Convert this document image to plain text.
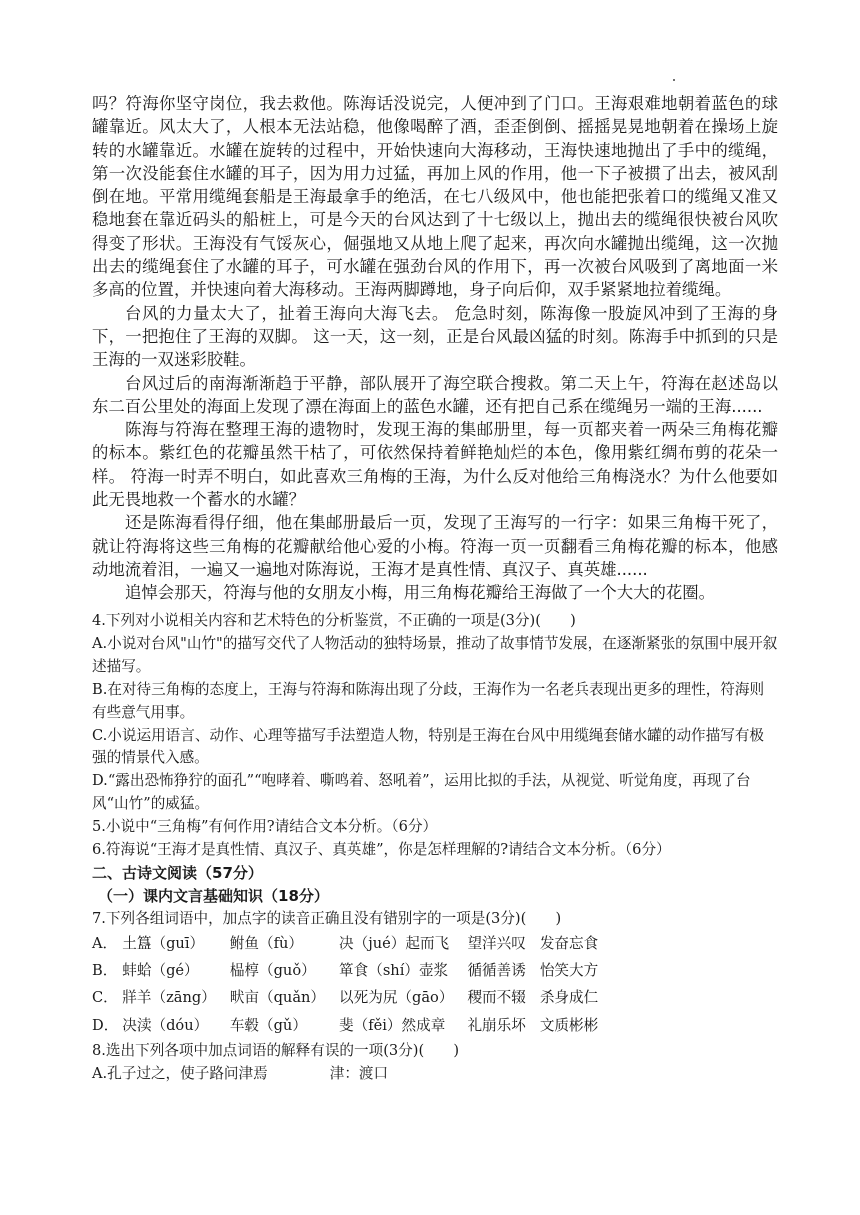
吗？符海你坚守岗位，我去救他。陈海话没说完，人便冲到了门口。王海艰难地朝着蓝色的球罐靠近。风太大了，人根本无法站稳，他像喝醉了酒，歪歪倒倒、摇摇晃晃地朝着在操场上旋转的水罐靠近。水罐在旋转的过程中，开始快速向大海移动，王海快速地抛出了手中的缆绳，第一次没能套住水罐的耳子，因为用力过猛，再加上风的作用，他一下子被掼了出去，被风刮倒在地。平常用缆绳套船是王海最拿手的绝活，在七八级风中，他也能把张着口的缆绳又准又稳地套在靠近码头的船桩上，可是今天的台风达到了十七级以上，抛出去的缆绳很快被台风吹得变了形状。王海没有气馁灰心，倔强地又从地上爬了起来，再次向水罐抛出缆绳，这一次抛出去的缆绳套住了水罐的耳子，可水罐在强劲台风的作用下，再一次被台风吸到了离地面一米多高的位置，并快速向着大海移动。王海两脚蹲地，身子向后仰，双手紧紧地拉着缆绳。

台风的力量太大了，扯着王海向大海飞去。 危急时刻，陈海像一股旋风冲到了王海的身下，一把抱住了王海的双脚。 这一天，这一刻，正是台风最凶猛的时刻。陈海手中抓到的只是王海的一双迷彩胶鞋。

台风过后的南海渐渐趋于平静，部队展开了海空联合搜救。第二天上午，符海在赵述岛以东二百公里处的海面上发现了漂在海面上的蓝色水罐，还有把自己系在缆绳另一端的王海......

陈海与符海在整理王海的遗物时，发现王海的集邮册里，每一页都夹着一两朵三角梅花瓣的标本。紫红色的花瓣虽然干枯了，可依然保持着鲜艳灿烂的本色，像用紫红绸布剪的花朵一样。 符海一时弄不明白，如此喜欢三角梅的王海，为什么反对他给三角梅浇水？为什么他要如此无畏地救一个蓄水的水罐？

还是陈海看得仔细，他在集邮册最后一页，发现了王海写的一行字：如果三角梅干死了，就让符海将这些三角梅的花瓣献给他心爱的小梅。符海一页一页翻看三角梅花瓣的标本，他感动地流着泪，一遍又一遍地对陈海说，王海才是真性情、真汉子、真英雄......

追悼会那天，符海与他的女朋友小梅，用三角梅花瓣给王海做了一个大大的花圈。

4.下列对小说相关内容和艺术特色的分析鉴赏，不正确的一项是(3分)(　　)

A.小说对台风"山竹"的描写交代了人物活动的独特场景，推动了故事情节发展，在逐渐紧张的氛围中展开叙述描写。

B.在对待三角梅的态度上，王海与符海和陈海出现了分歧，王海作为一名老兵表现出更多的理性，符海则有些意气用事。

C.小说运用语言、动作、心理等描写手法塑造人物，特别是王海在台风中用缆绳套储水罐的动作描写有极强的情景代入感。

D.“露出恐怖狰狞的面孔”“咆哮着、嘶鸣着、怒吼着”，运用比拟的手法，从视觉、听觉角度，再现了台风“山竹”的威猛。

5.小说中“三角梅”有何作用?请结合文本分析。（6分）

6.符海说“王海才是真性情、真汉子、真英雄”，你是怎样理解的?请结合文本分析。（6分）

二、古诗文阅读（57分）

（一）课内文言基础知识（18分）

7.下列各组词语中，加点字的读音正确且没有错别字的一项是(3分)(　　)

A．	土簋（guī）	鲋鱼（fù）	决（jué）起而飞	望洋兴叹	发奋忘食
B．	蚌蛤（gé）	榀椁（guǒ）	箪食（shí）壶浆	循循善诱	怡笑大方
C．	牂羊（zāng）	畎亩（quǎn）	以死为尻（gāo）	稷而不辍	杀身成仁
D．	决渎（dóu）	车毂（gǔ）	斐（fěi）然成章	礼崩乐坏	文质彬彬

8.选出下列各项中加点词语的解释有误的一项(3分)(　　)

A.孔子过之，使子路问津焉	津：渡口
